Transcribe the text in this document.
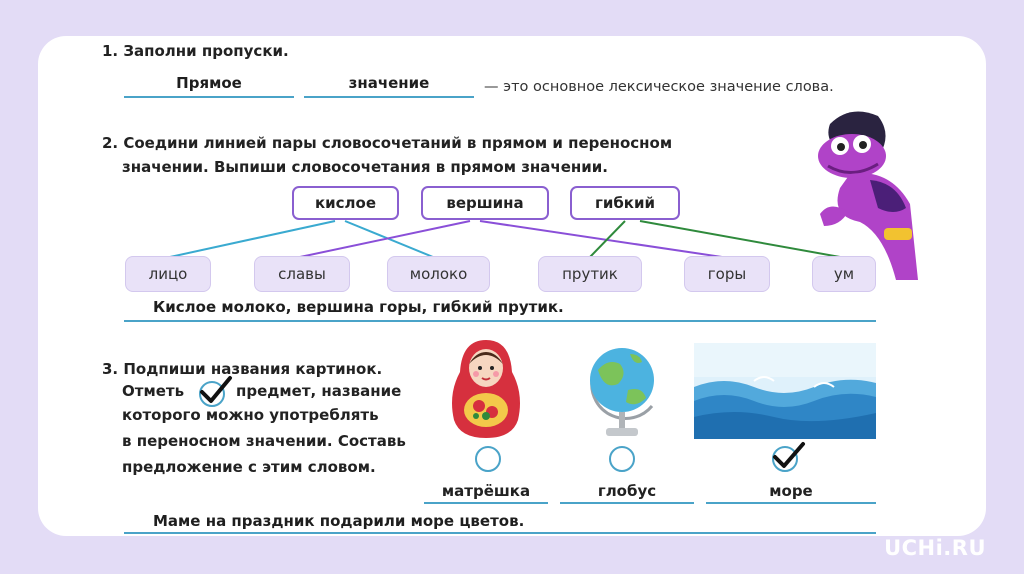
1. Заполни пропуски.
Прямое	значение	— это основное лексическое значение слова.
2. Соедини линией пары словосочетаний в прямом и переносном
значении. Выпиши словосочетания в прямом значении.
кислое	вершина	гибкий
лицо	славы	молоко	прутик	горы	ум
Кислое молоко, вершина горы, гибкий прутик.
3. Подпиши названия картинок.
Отметь	предмет, название
которого можно употреблять
в переносном значении. Составь
предложение с этим словом.
матрёшка	глобус	море
Маме на праздник подарили море цветов.
UCHi.RU
